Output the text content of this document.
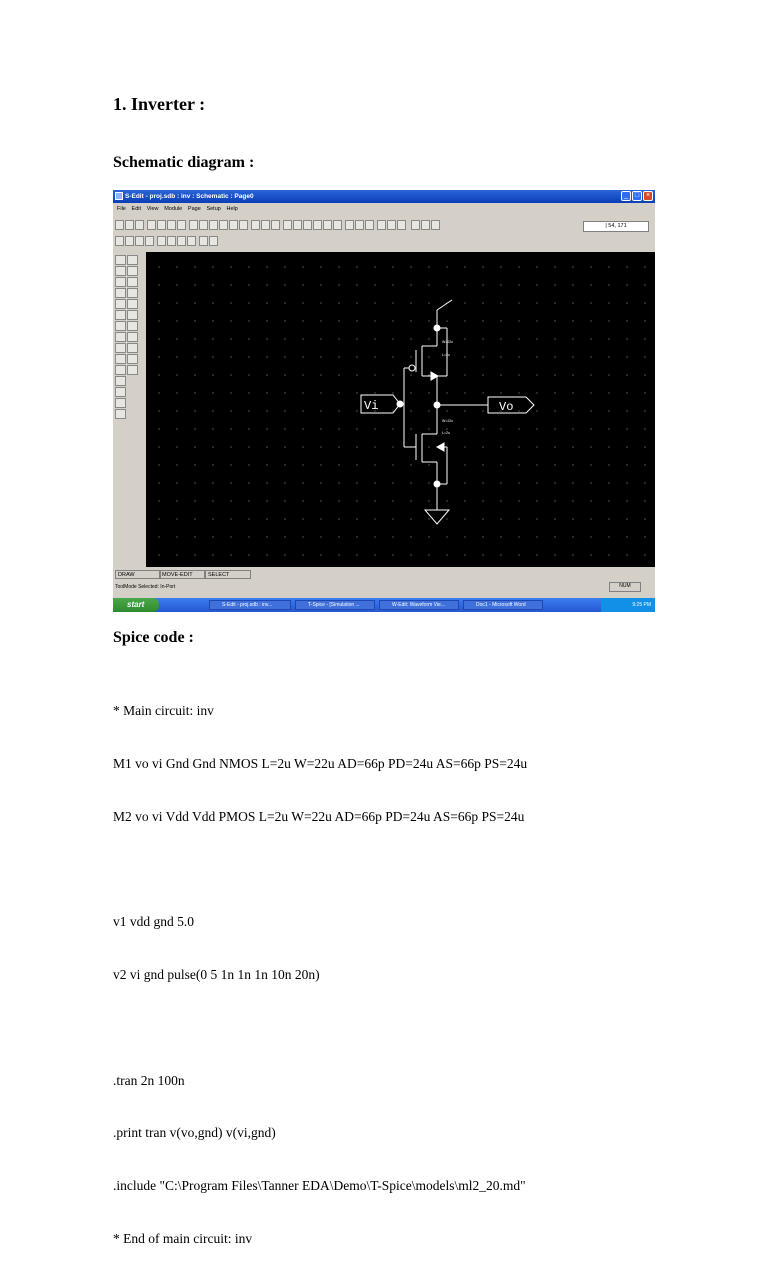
1. Inverter :
Schematic diagram :
S-Edit - proj.sdb : inv : Schematic : Page0	_ □ ×
File Edit View Module Page Setup Help
| 54, 171
W=22u
L=2u
Vo
Vi
W=22u
L=2u
DRAW	MOVE-EDIT	SELECT
ToolMode Selected: In-Port	NUM
start	S-Edit - proj.sdb : inv...	T-Spice - [Simulation ...	W-Edit: Waveform Vie...	Doc1 - Microsoft Word	9:25 PM
Spice code :

* Main circuit: inv

M1 vo vi Gnd Gnd NMOS L=2u W=22u AD=66p PD=24u AS=66p PS=24u

M2 vo vi Vdd Vdd PMOS L=2u W=22u AD=66p PD=24u AS=66p PS=24u

v1 vdd gnd 5.0

v2 vi gnd pulse(0 5 1n 1n 1n 10n 20n)

.tran 2n 100n

.print tran v(vo,gnd) v(vi,gnd)

.include "C:\Program Files\Tanner EDA\Demo\T-Spice\models\ml2_20.md"

* End of main circuit: inv
